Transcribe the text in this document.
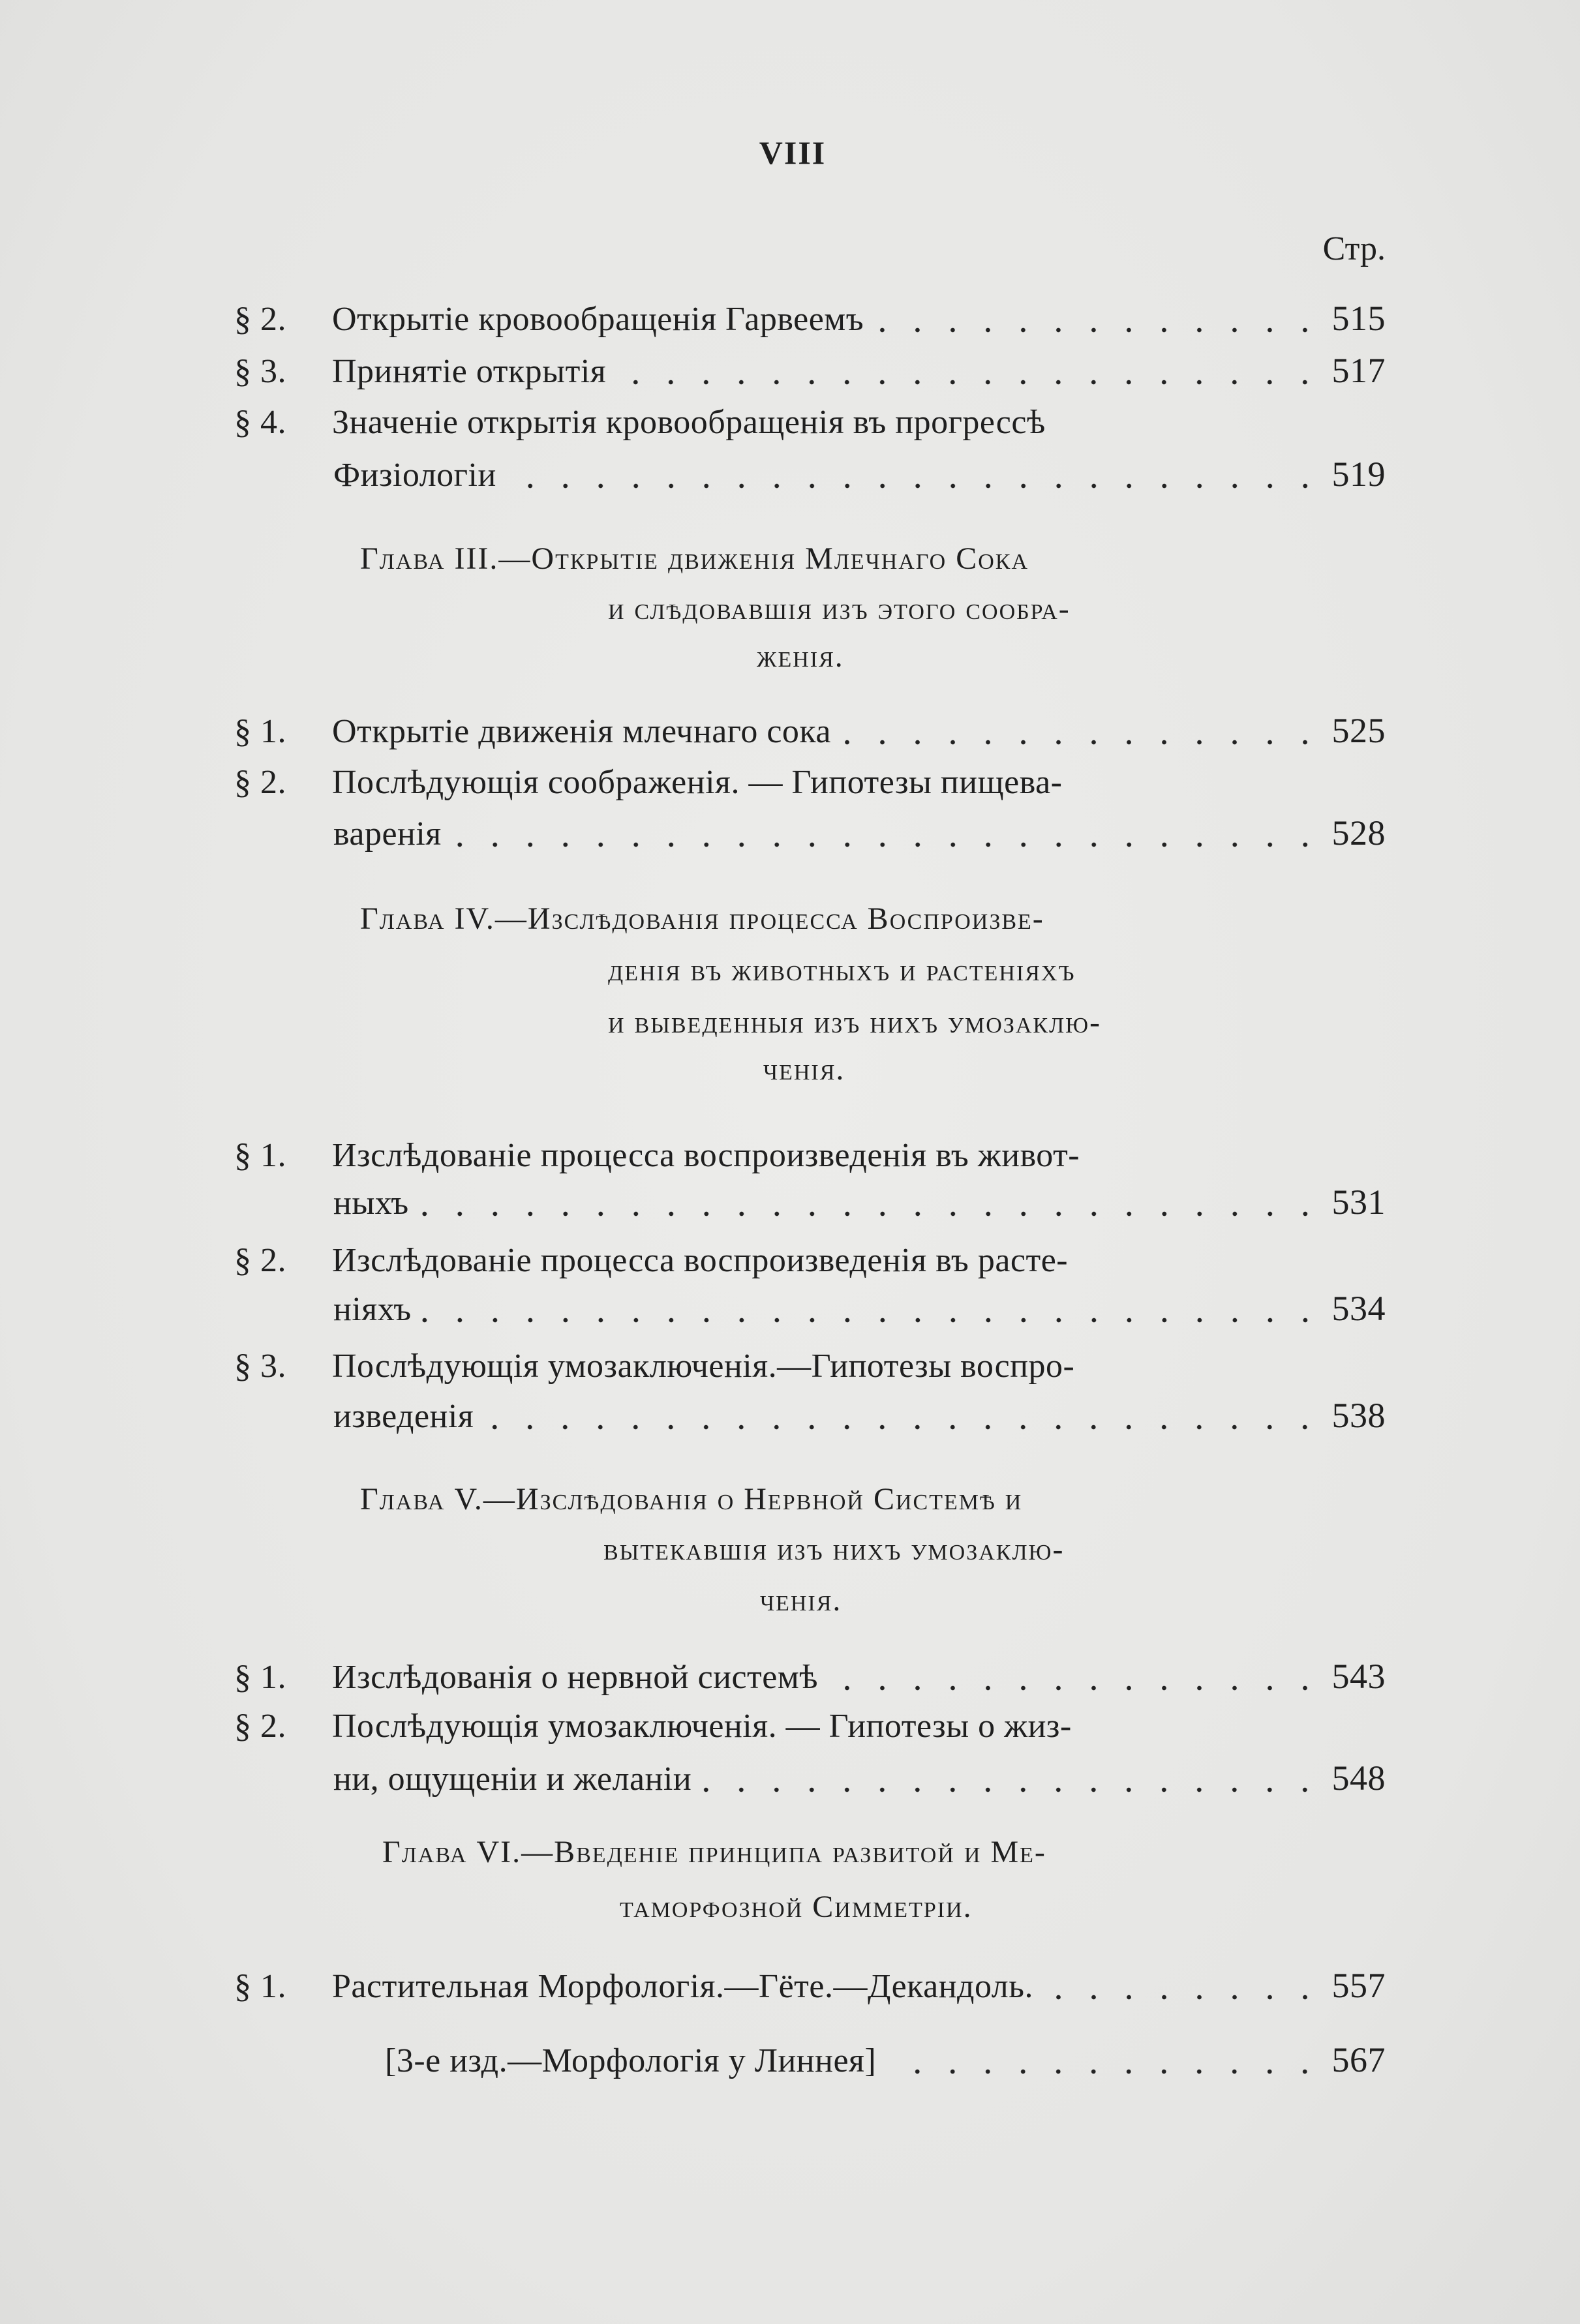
VIII
Стр.
§ 2.	Открытіе кровообращенія Гарвеемъ	515
§ 3.	Принятіе открытія	517
§ 4.	Значеніе открытія кровообращенія въ прогрессѣ
Физіологіи	519
Глава III.—Открытіе движенія Млечнаго Сока
и слѣдовавшія изъ этого сообра-
женія.
§ 1.	Открытіе движенія млечнаго сока	525
§ 2.	Послѣдующія соображенія. — Гипотезы пищева-
варенія	528
Глава IV.—Изслѣдованія процесса Воспроизве-
денія въ животныхъ и растеніяхъ
и выведенныя изъ нихъ умозаклю-
ченія.
§ 1.	Изслѣдованіе процесса воспроизведенія въ живот-
ныхъ	531
§ 2.	Изслѣдованіе процесса воспроизведенія въ расте-
ніяхъ	534
§ 3.	Послѣдующія умозаключенія.—Гипотезы воспро-
изведенія	538
Глава V.—Изслѣдованія о Нервной Системѣ и
вытекавшія изъ нихъ умозаклю-
ченія.
§ 1.	Изслѣдованія о нервной системѣ	543
§ 2.	Послѣдующія умозаключенія. — Гипотезы о жиз-
ни, ощущеніи и желаніи	548
Глава VI.—Введеніе принципа развитой и Ме-
таморфозной Симметріи.
§ 1.	Растительная Морфологія.—Гёте.—Декандоль.	557
[3-е изд.—Морфологія у Линнея]	567
